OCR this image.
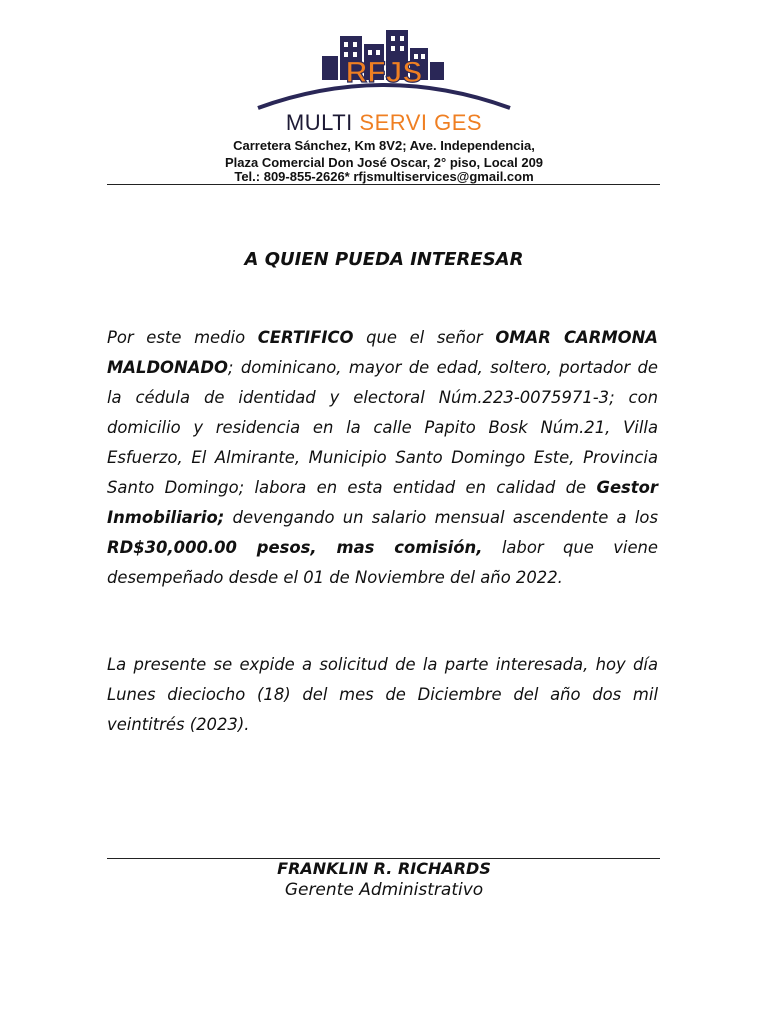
RFJS
MULTI SERVI GES
Carretera Sánchez, Km 8V2; Ave. Independencia,
Plaza Comercial Don José Oscar, 2° piso, Local 209
Tel.: 809-855-2626* rfjsmultiservices@gmail.com
A QUIEN PUEDA INTERESAR

Por este medio CERTIFICO que el señor OMAR CARMONA MALDONADO; dominicano, mayor de edad, soltero, portador de la cédula de identidad y electoral Núm.223-0075971-3; con domicilio y residencia en la calle Papito Bosk Núm.21, Villa Esfuerzo, El Almirante, Municipio Santo Domingo Este, Provincia Santo Domingo; labora en esta entidad en calidad de Gestor Inmobiliario; devengando un salario mensual ascendente a los RD$30,000.00 pesos, mas comisión, labor que viene desempeñado desde el 01 de Noviembre del año 2022.

La presente se expide a solicitud de la parte interesada, hoy día Lunes dieciocho (18) del mes de Diciembre del año dos mil veintitrés (2023).

FRANKLIN R. RICHARDS
Gerente Administrativo
